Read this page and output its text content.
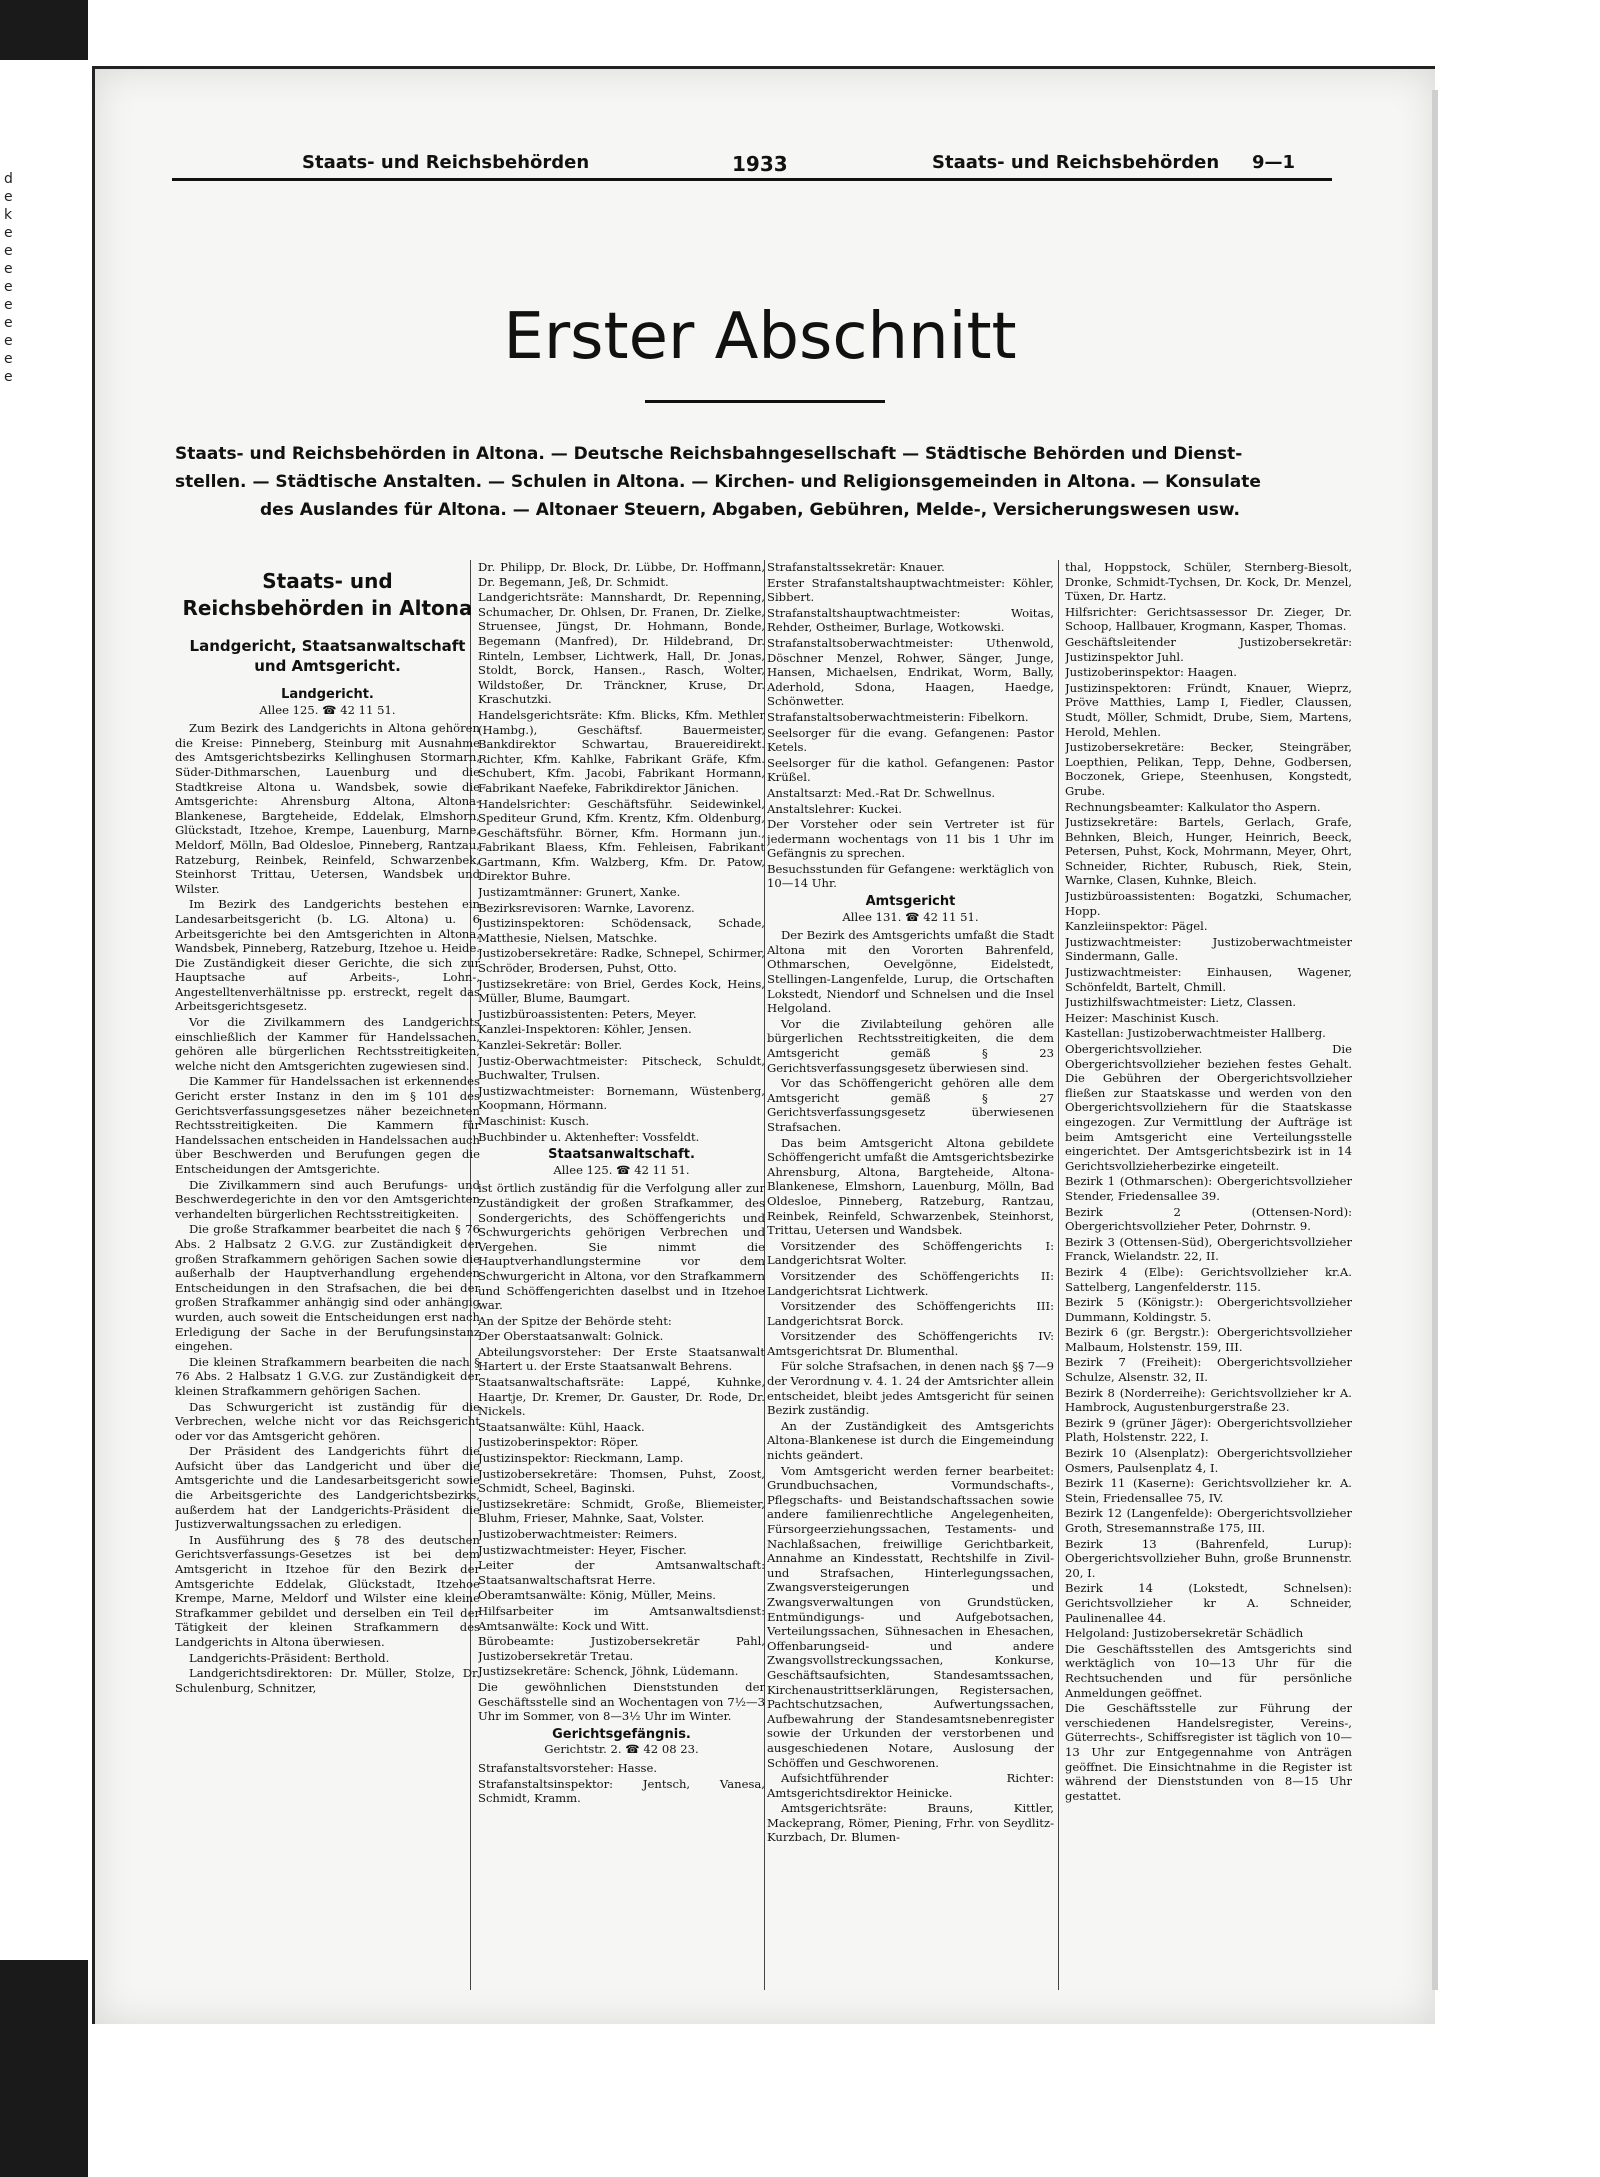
d
e
k
e
e
e
e
e
e
e
e
e
Staats- und Reichsbehörden	1933	Staats- und Reichsbehörden 9—1
Erster Abschnitt

Staats- und Reichsbehörden in Altona. — Deutsche Reichsbahngesellschaft — Städtische Behörden und Dienst-

stellen. — Städtische Anstalten. — Schulen in Altona. — Kirchen- und Religionsgemeinden in Altona. — Konsulate

des Auslandes für Altona. — Altonaer Steuern, Abgaben, Gebühren, Melde-, Versicherungswesen usw.

Staats- und
Reichsbehörden in Altona
Landgericht, Staatsanwaltschaft und Amtsgericht.
Landgericht.
Allee 125. ☎ 42 11 51.

Zum Bezirk des Landgerichts in Altona gehören die Kreise: Pinneberg, Steinburg mit Ausnahme des Amtsgerichtsbezirks Kellinghusen Stormarn, Süder-Dithmarschen, Lauenburg und die Stadtkreise Altona u. Wandsbek, sowie die Amtsgerichte: Ahrensburg Altona, Altona-Blankenese, Bargteheide, Eddelak, Elmshorn, Glückstadt, Itzehoe, Krempe, Lauenburg, Marne, Meldorf, Mölln, Bad Oldesloe, Pinneberg, Rantzau, Ratzeburg, Reinbek, Reinfeld, Schwarzenbek, Steinhorst Trittau, Uetersen, Wandsbek und Wilster.

Im Bezirk des Landgerichts bestehen ein Landesarbeitsgericht (b. LG. Altona) u. 6 Arbeitsgerichte bei den Amtsgerichten in Altona, Wandsbek, Pinneberg, Ratzeburg, Itzehoe u. Heide. Die Zuständigkeit dieser Gerichte, die sich zur Hauptsache auf Arbeits-, Lohn-, Angestelltenverhältnisse pp. erstreckt, regelt das Arbeitsgerichtsgesetz.

Vor die Zivilkammern des Landgerichts einschließlich der Kammer für Handelssachen, gehören alle bürgerlichen Rechtsstreitigkeiten, welche nicht den Amtsgerichten zugewiesen sind.

Die Kammer für Handelssachen ist erkennendes Gericht erster Instanz in den im § 101 des Gerichtsverfassungsgesetzes näher bezeichneten Rechtsstreitigkeiten. Die Kammern für Handelssachen entscheiden in Handelssachen auch über Beschwerden und Berufungen gegen die Entscheidungen der Amtsgerichte.

Die Zivilkammern sind auch Berufungs- und Beschwerdegerichte in den vor den Amtsgerichten verhandelten bürgerlichen Rechtsstreitigkeiten.

Die große Strafkammer bearbeitet die nach § 76 Abs. 2 Halbsatz 2 G.V.G. zur Zuständigkeit der großen Strafkammern gehörigen Sachen sowie die außerhalb der Hauptverhandlung ergehenden Entscheidungen in den Strafsachen, die bei der großen Strafkammer anhängig sind oder anhängig wurden, auch soweit die Entscheidungen erst nach Erledigung der Sache in der Berufungsinstanz eingehen.

Die kleinen Strafkammern bearbeiten die nach § 76 Abs. 2 Halbsatz 1 G.V.G. zur Zuständigkeit der kleinen Strafkammern gehörigen Sachen.

Das Schwurgericht ist zuständig für die Verbrechen, welche nicht vor das Reichsgericht oder vor das Amtsgericht gehören.

Der Präsident des Landgerichts führt die Aufsicht über das Landgericht und über die Amtsgerichte und die Landesarbeitsgericht sowie die Arbeitsgerichte des Landgerichtsbezirks, außerdem hat der Landgerichts-Präsident die Justizverwaltungssachen zu erledigen.

In Ausführung des § 78 des deutschen Gerichtsverfassungs-Gesetzes ist bei dem Amtsgericht in Itzehoe für den Bezirk der Amtsgerichte Eddelak, Glückstadt, Itzehoe Krempe, Marne, Meldorf und Wilster eine kleine Strafkammer gebildet und derselben ein Teil der Tätigkeit der kleinen Strafkammern des Landgerichts in Altona überwiesen.

Landgerichts-Präsident: Berthold.

Landgerichtsdirektoren: Dr. Müller, Stolze, Dr. Schulenburg, Schnitzer,

Dr. Philipp, Dr. Block, Dr. Lübbe, Dr. Hoffmann, Dr. Begemann, Jeß, Dr. Schmidt.

Landgerichtsräte: Mannshardt, Dr. Repenning, Schumacher, Dr. Ohlsen, Dr. Franen, Dr. Zielke, Struensee, Jüngst, Dr. Hohmann, Bonde, Begemann (Manfred), Dr. Hildebrand, Dr. Rinteln, Lembser, Lichtwerk, Hall, Dr. Jonas, Stoldt, Borck, Hansen., Rasch, Wolter, Wildstoßer, Dr. Tränckner, Kruse, Dr. Kraschutzki.

Handelsgerichtsräte: Kfm. Blicks, Kfm. Methler (Hambg.), Geschäftsf. Bauermeister, Bankdirektor Schwartau, Brauereidirekt. Richter, Kfm. Kahlke, Fabrikant Gräfe, Kfm. Schubert, Kfm. Jacobi, Fabrikant Hormann, Fabrikant Naefeke, Fabrikdirektor Jänichen.

Handelsrichter: Geschäftsführ. Seidewinkel, Spediteur Grund, Kfm. Krentz, Kfm. Oldenburg, Geschäftsführ. Börner, Kfm. Hormann jun., Fabrikant Blaess, Kfm. Fehleisen, Fabrikant Gartmann, Kfm. Walzberg, Kfm. Dr. Patow, Direktor Buhre.

Justizamtmänner: Grunert, Xanke.

Bezirksrevisoren: Warnke, Lavorenz.

Justizinspektoren: Schödensack, Schade, Matthesie, Nielsen, Matschke.

Justizobersekretäre: Radke, Schnepel, Schirmer, Schröder, Brodersen, Puhst, Otto.

Justizsekretäre: von Briel, Gerdes Kock, Heins, Müller, Blume, Baumgart.

Justizbüroassistenten: Peters, Meyer.

Kanzlei-Inspektoren: Köhler, Jensen.

Kanzlei-Sekretär: Boller.

Justiz-Oberwachtmeister: Pitscheck, Schuldt, Buchwalter, Trulsen.

Justizwachtmeister: Bornemann, Wüstenberg, Koopmann, Hörmann.

Maschinist: Kusch.

Buchbinder u. Aktenhefter: Vossfeldt.

Staatsanwaltschaft.
Allee 125. ☎ 42 11 51.

ist örtlich zuständig für die Verfolgung aller zur Zuständigkeit der großen Strafkammer, des Sondergerichts, des Schöffengerichts und Schwurgerichts gehörigen Verbrechen und Vergehen. Sie nimmt die Hauptverhandlungstermine vor dem Schwurgericht in Altona, vor den Strafkammern und Schöffengerichten daselbst und in Itzehoe war.

An der Spitze der Behörde steht:

Der Oberstaatsanwalt: Golnick.

Abteilungsvorsteher: Der Erste Staatsanwalt Hartert u. der Erste Staatsanwalt Behrens.

Staatsanwaltschaftsräte: Lappé, Kuhnke, Haartje, Dr. Kremer, Dr. Gauster, Dr. Rode, Dr. Nickels.

Staatsanwälte: Kühl, Haack.

Justizoberinspektor: Röper.

Justizinspektor: Rieckmann, Lamp.

Justizobersekretäre: Thomsen, Puhst, Zoost, Schmidt, Scheel, Baginski.

Justizsekretäre: Schmidt, Große, Bliemeister, Bluhm, Frieser, Mahnke, Saat, Volster.

Justizoberwachtmeister: Reimers.

Justizwachtmeister: Heyer, Fischer.

Leiter der Amtsanwaltschaft: Staatsanwaltschaftsrat Herre.

Oberamtsanwälte: König, Müller, Meins.

Hilfsarbeiter im Amtsanwaltsdienst: Amtsanwälte: Kock und Witt.

Bürobeamte: Justizobersekretär Pahl, Justizobersekretär Tretau.

Justizsekretäre: Schenck, Jöhnk, Lüdemann.

Die gewöhnlichen Dienststunden der Geschäftsstelle sind an Wochentagen von 7½—3 Uhr im Sommer, von 8—3½ Uhr im Winter.

Gerichtsgefängnis.
Gerichtstr. 2. ☎ 42 08 23.

Strafanstaltsvorsteher: Hasse.

Strafanstaltsinspektor: Jentsch, Vanesa, Schmidt, Kramm.

Strafanstaltssekretär: Knauer.

Erster Strafanstaltshauptwachtmeister: Köhler, Sibbert.

Strafanstaltshauptwachtmeister: Woitas, Rehder, Ostheimer, Burlage, Wotkowski.

Strafanstaltsoberwachtmeister: Uthenwold, Döschner Menzel, Rohwer, Sänger, Junge, Hansen, Michaelsen, Endrikat, Worm, Bally, Aderhold, Sdona, Haagen, Haedge, Schönwetter.

Strafanstaltsoberwachtmeisterin: Fibelkorn.

Seelsorger für die evang. Gefangenen: Pastor Ketels.

Seelsorger für die kathol. Gefangenen: Pastor Krüßel.

Anstaltsarzt: Med.-Rat Dr. Schwellnus.

Anstaltslehrer: Kuckei.

Der Vorsteher oder sein Vertreter ist für jedermann wochentags von 11 bis 1 Uhr im Gefängnis zu sprechen.

Besuchsstunden für Gefangene: werktäglich von 10—14 Uhr.

Amtsgericht
Allee 131. ☎ 42 11 51.

Der Bezirk des Amtsgerichts umfaßt die Stadt Altona mit den Vororten Bahrenfeld, Othmarschen, Oevelgönne, Eidelstedt, Stellingen-Langenfelde, Lurup, die Ortschaften Lokstedt, Niendorf und Schnelsen und die Insel Helgoland.

Vor die Zivilabteilung gehören alle bürgerlichen Rechtsstreitigkeiten, die dem Amtsgericht gemäß § 23 Gerichtsverfassungsgesetz überwiesen sind.

Vor das Schöffengericht gehören alle dem Amtsgericht gemäß § 27 Gerichtsverfassungsgesetz überwiesenen Strafsachen.

Das beim Amtsgericht Altona gebildete Schöffengericht umfaßt die Amtsgerichtsbezirke Ahrensburg, Altona, Bargteheide, Altona-Blankenese, Elmshorn, Lauenburg, Mölln, Bad Oldesloe, Pinneberg, Ratzeburg, Rantzau, Reinbek, Reinfeld, Schwarzenbek, Steinhorst, Trittau, Uetersen und Wandsbek.

Vorsitzender des Schöffengerichts I: Landgerichtsrat Wolter.

Vorsitzender des Schöffengerichts II: Landgerichtsrat Lichtwerk.

Vorsitzender des Schöffengerichts III: Landgerichtsrat Borck.

Vorsitzender des Schöffengerichts IV: Amtsgerichtsrat Dr. Blumenthal.

Für solche Strafsachen, in denen nach §§ 7—9 der Verordnung v. 4. 1. 24 der Amtsrichter allein entscheidet, bleibt jedes Amtsgericht für seinen Bezirk zuständig.

An der Zuständigkeit des Amtsgerichts Altona-Blankenese ist durch die Eingemeindung nichts geändert.

Vom Amtsgericht werden ferner bearbeitet: Grundbuchsachen, Vormundschafts-, Pflegschafts- und Beistandschaftssachen sowie andere familienrechtliche Angelegenheiten, Fürsorgeerziehungssachen, Testaments- und Nachlaßsachen, freiwillige Gerichtbarkeit, Annahme an Kindesstatt, Rechtshilfe in Zivil- und Strafsachen, Hinterlegungssachen, Zwangsversteigerungen und Zwangsverwaltungen von Grundstücken, Entmündigungs- und Aufgebotsachen, Verteilungssachen, Sühnesachen in Ehesachen, Offenbarungseid- und andere Zwangsvollstreckungssachen, Konkurse, Geschäftsaufsichten, Standesamtssachen, Kirchenaustrittserklärungen, Registersachen, Pachtschutzsachen, Aufwertungssachen, Aufbewahrung der Standesamtsnebenregister sowie der Urkunden der verstorbenen und ausgeschiedenen Notare, Auslosung der Schöffen und Geschworenen.

Aufsichtführender Richter: Amtsgerichtsdirektor Heinicke.

Amtsgerichtsräte: Brauns, Kittler, Mackeprang, Römer, Piening, Frhr. von Seydlitz-Kurzbach, Dr. Blumen-

thal, Hoppstock, Schüler, Sternberg-Biesolt, Dronke, Schmidt-Tychsen, Dr. Kock, Dr. Menzel, Tüxen, Dr. Hartz.

Hilfsrichter: Gerichtsassessor Dr. Zieger, Dr. Schoop, Hallbauer, Krogmann, Kasper, Thomas.

Geschäftsleitender Justizobersekretär: Justizinspektor Juhl.

Justizoberinspektor: Haagen.

Justizinspektoren: Fründt, Knauer, Wieprz, Pröve Matthies, Lamp I, Fiedler, Claussen, Studt, Möller, Schmidt, Drube, Siem, Martens, Herold, Mehlen.

Justizobersekretäre: Becker, Steingräber, Loepthien, Pelikan, Tepp, Dehne, Godbersen, Boczonek, Griepe, Steenhusen, Kongstedt, Grube.

Rechnungsbeamter: Kalkulator tho Aspern.

Justizsekretäre: Bartels, Gerlach, Grafe, Behnken, Bleich, Hunger, Heinrich, Beeck, Petersen, Puhst, Kock, Mohrmann, Meyer, Ohrt, Schneider, Richter, Rubusch, Riek, Stein, Warnke, Clasen, Kuhnke, Bleich.

Justizbüroassistenten: Bogatzki, Schumacher, Hopp.

Kanzleiinspektor: Pägel.

Justizwachtmeister: Justizoberwachtmeister Sindermann, Galle.

Justizwachtmeister: Einhausen, Wagener, Schönfeldt, Bartelt, Chmill.

Justizhilfswachtmeister: Lietz, Classen.

Heizer: Maschinist Kusch.

Kastellan: Justizoberwachtmeister Hallberg.

Obergerichtsvollzieher. Die Obergerichtsvollzieher beziehen festes Gehalt. Die Gebühren der Obergerichtsvollzieher fließen zur Staatskasse und werden von den Obergerichtsvollziehern für die Staatskasse eingezogen. Zur Vermittlung der Aufträge ist beim Amtsgericht eine Verteilungsstelle eingerichtet. Der Amtsgerichtsbezirk ist in 14 Gerichtsvollzieherbezirke eingeteilt.

Bezirk 1 (Othmarschen): Obergerichtsvollzieher Stender, Friedensallee 39.

Bezirk 2 (Ottensen-Nord): Obergerichtsvollzieher Peter, Dohrnstr. 9.

Bezirk 3 (Ottensen-Süd), Obergerichtsvollzieher Franck, Wielandstr. 22, II.

Bezirk 4 (Elbe): Gerichtsvollzieher kr.A. Sattelberg, Langenfelderstr. 115.

Bezirk 5 (Königstr.): Obergerichtsvollzieher Dummann, Koldingstr. 5.

Bezirk 6 (gr. Bergstr.): Obergerichtsvollzieher Malbaum, Holstenstr. 159, III.

Bezirk 7 (Freiheit): Obergerichtsvollzieher Schulze, Alsenstr. 32, II.

Bezirk 8 (Norderreihe): Gerichtsvollzieher kr A. Hambrock, Augustenburgerstraße 23.

Bezirk 9 (grüner Jäger): Obergerichtsvollzieher Plath, Holstenstr. 222, I.

Bezirk 10 (Alsenplatz): Obergerichtsvollzieher Osmers, Paulsenplatz 4, I.

Bezirk 11 (Kaserne): Gerichtsvollzieher kr. A. Stein, Friedensallee 75, IV.

Bezirk 12 (Langenfelde): Obergerichtsvollzieher Groth, Stresemannstraße 175, III.

Bezirk 13 (Bahrenfeld, Lurup): Obergerichtsvollzieher Buhn, große Brunnenstr. 20, I.

Bezirk 14 (Lokstedt, Schnelsen): Gerichtsvollzieher kr A. Schneider, Paulinenallee 44.

Helgoland: Justizobersekretär Schädlich

Die Geschäftsstellen des Amtsgerichts sind werktäglich von 10—13 Uhr für die Rechtsuchenden und für persönliche Anmeldungen geöffnet.

Die Geschäftsstelle zur Führung der verschiedenen Handelsregister, Vereins-, Güterrechts-, Schiffsregister ist täglich von 10—13 Uhr zur Entgegennahme von Anträgen geöffnet. Die Einsichtnahme in die Register ist während der Dienststunden von 8—15 Uhr gestattet.
